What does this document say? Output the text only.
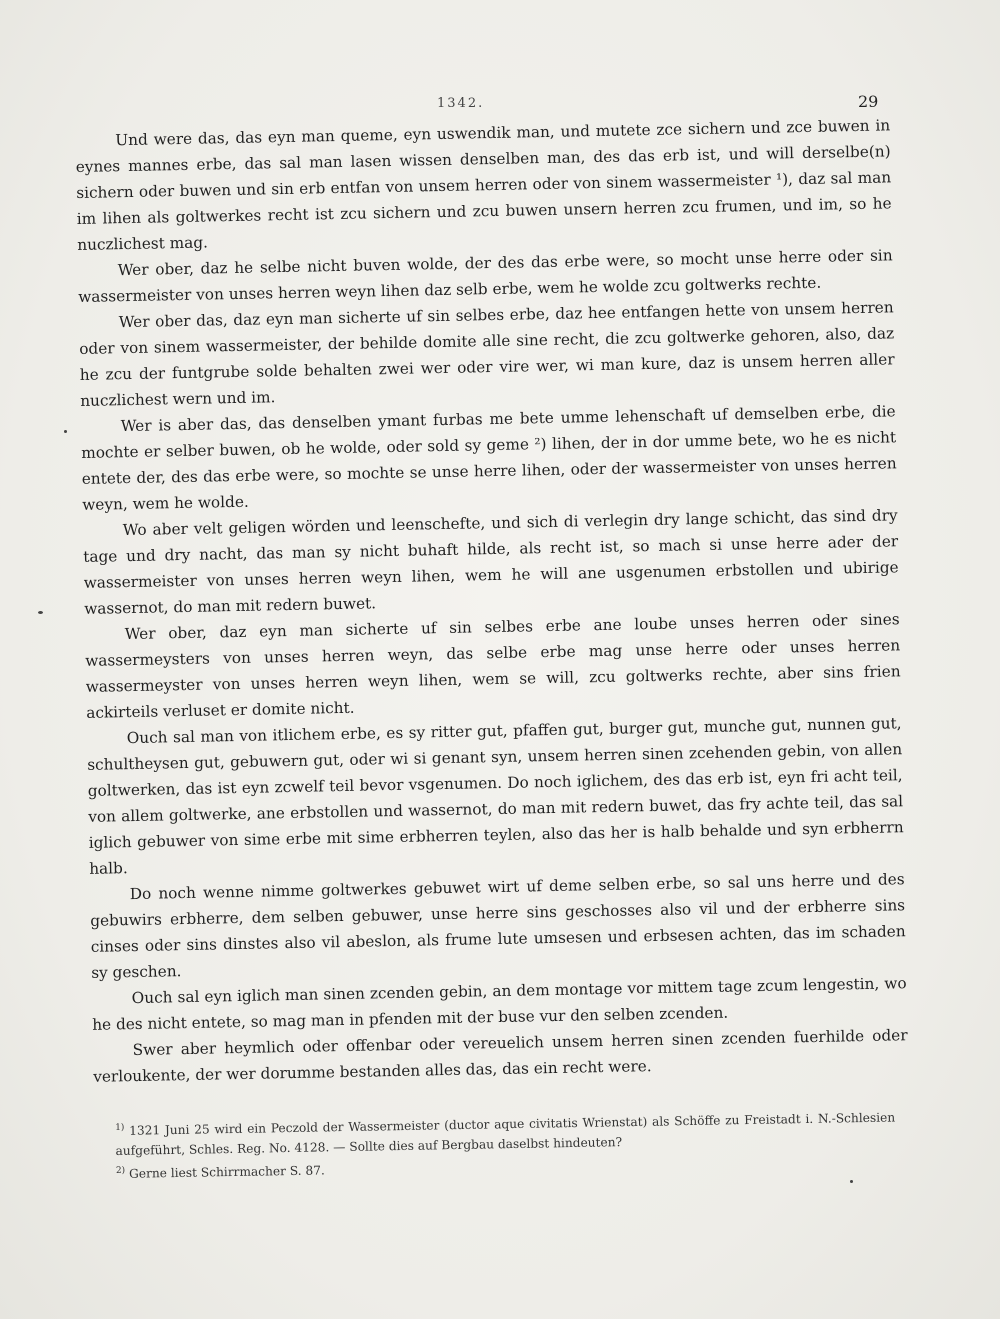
1342.	29

Und were das, das eyn man queme, eyn uswendik man, und mutete zce sichern und zce buwen in eynes mannes erbe, das sal man lasen wissen denselben man, des das erb ist, und will derselbe(n) sichern oder buwen und sin erb entfan von unsem herren oder von sinem wassermeister ¹), daz sal man im lihen als goltwerkes recht ist zcu sichern und zcu buwen unsern herren zcu frumen, und im, so he nuczlichest mag.

Wer ober, daz he selbe nicht buven wolde, der des das erbe were, so mocht unse herre oder sin wassermeister von unses herren weyn lihen daz selb erbe, wem he wolde zcu goltwerks rechte.

Wer ober das, daz eyn man sicherte uf sin selbes erbe, daz hee entfangen hette von unsem herren oder von sinem wassermeister, der behilde domite alle sine recht, die zcu goltwerke gehoren, also, daz he zcu der funtgrube solde behalten zwei wer oder vire wer, wi man kure, daz is unsem herren aller nuczlichest wern und im.

Wer is aber das, das denselben ymant furbas me bete umme lehenschaft uf demselben erbe, die mochte er selber buwen, ob he wolde, oder sold sy geme ²) lihen, der in dor umme bete, wo he es nicht entete der, des das erbe were, so mochte se unse herre lihen, oder der wassermeister von unses herren weyn, wem he wolde.

Wo aber velt geligen wörden und leenschefte, und sich di verlegin dry lange schicht, das sind dry tage und dry nacht, das man sy nicht buhaft hilde, als recht ist, so mach si unse herre ader der wassermeister von unses herren weyn lihen, wem he will ane usgenumen erbstollen und ubirige wassernot, do man mit redern buwet.

Wer ober, daz eyn man sicherte uf sin selbes erbe ane loube unses herren oder sines wassermeysters von unses herren weyn, das selbe erbe mag unse herre oder unses herren wassermeyster von unses herren weyn lihen, wem se will, zcu goltwerks rechte, aber sins frien ackirteils verluset er domite nicht.

Ouch sal man von itlichem erbe, es sy ritter gut, pfaffen gut, burger gut, munche gut, nunnen gut, schultheysen gut, gebuwern gut, oder wi si genant syn, unsem herren sinen zcehenden gebin, von allen goltwerken, das ist eyn zcwelf teil bevor vsgenumen. Do noch iglichem, des das erb ist, eyn fri acht teil, von allem goltwerke, ane erbstollen und wassernot, do man mit redern buwet, das fry achte teil, das sal iglich gebuwer von sime erbe mit sime erbherren teylen, also das her is halb behalde und syn erbherrn halb.

Do noch wenne nimme goltwerkes gebuwet wirt uf deme selben erbe, so sal uns herre und des gebuwirs erbherre, dem selben gebuwer, unse herre sins geschosses also vil und der erbherre sins cinses oder sins dinstes also vil abeslon, als frume lute umsesen und erbsesen achten, das im schaden sy geschen.

Ouch sal eyn iglich man sinen zcenden gebin, an dem montage vor mittem tage zcum lengestin, wo he des nicht entete, so mag man in pfenden mit der buse vur den selben zcenden.

Swer aber heymlich oder offenbar oder vereuelich unsem herren sinen zcenden fuerhilde oder verloukente, der wer dorumme bestanden alles das, das ein recht were.

$^{1)}$ 1321 Juni 25 wird ein Peczold der Wassermeister (ductor aque civitatis Wrienstat) als Schöffe zu Freistadt i. N.-Schlesien aufgeführt, Schles. Reg. No. 4128. — Sollte dies auf Bergbau daselbst hindeuten?

$^{2)}$ Gerne liest Schirrmacher S. 87.
